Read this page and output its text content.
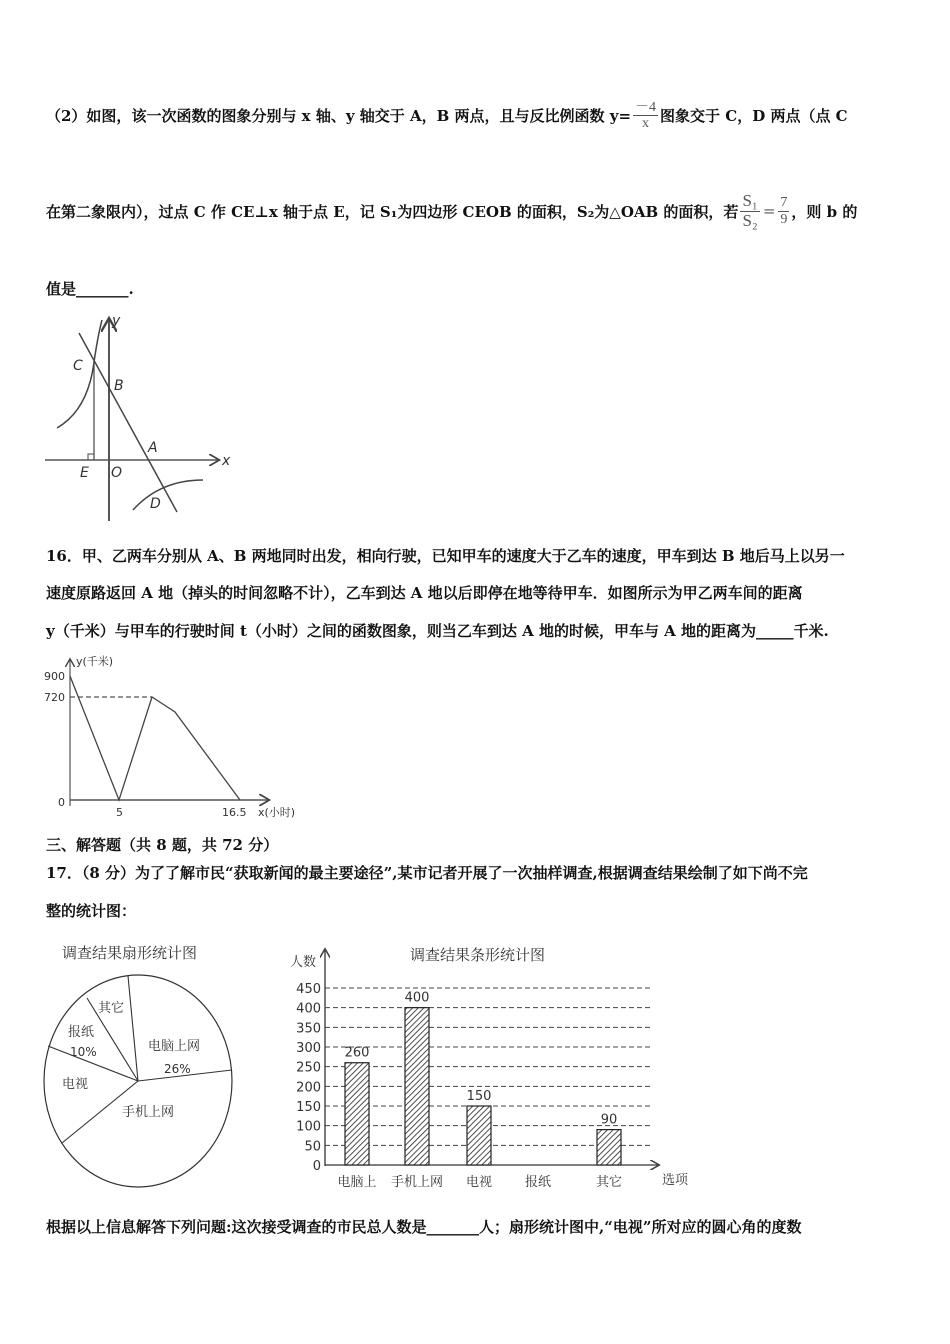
（2）如图，该一次函数的图象分别与 x 轴、y 轴交于 A，B 两点，且与反比例函数 $y= \frac{-4}{x}$ 图象交于 C，D 两点（点 C
在第二象限内），过点 C 作 CE⊥x 轴于点 E，记 S₁为四边形 CEOB 的面积，S₂为△OAB 的面积，若 $\frac{\text{S₁}}{\text{S₂}} = \frac{7}{9}$ ，则 b 的
值是_______.
y
x
C
B
A
E O
D
y(千米)
900
720
0
5	16.5 x(小时)
调查结果扇形统计图
其它
电脑上网
26%
报纸
10%
电视
手机上网
调查结果条形统计图
人数
选项
0
50
100
150
200
250
300
350
400
450
电脑上 手机上网 电视	报纸	其它
260
400
150
90
16．甲、乙两车分别从 A、B 两地同时出发，相向行驶，已知甲车的速度大于乙车的速度，甲车到达 B 地后马上以另一
速度原路返回 A 地（掉头的时间忽略不计），乙车到达 A 地以后即停在地等待甲车．如图所示为甲乙两车间的距离
y（千米）与甲车的行驶时间 t（小时）之间的函数图象，则当乙车到达 A 地的时候，甲车与 A 地的距离为_____千米.
三、解答题（共 8 题，共 72 分）
17．（8 分）为了了解市民“获取新闻的最主要途径”,某市记者开展了一次抽样调查,根据调查结果绘制了如下尚不完
整的统计图：
根据以上信息解答下列问题:这次接受调查的市民总人数是_______人；扇形统计图中,“电视”所对应的圆心角的度数
